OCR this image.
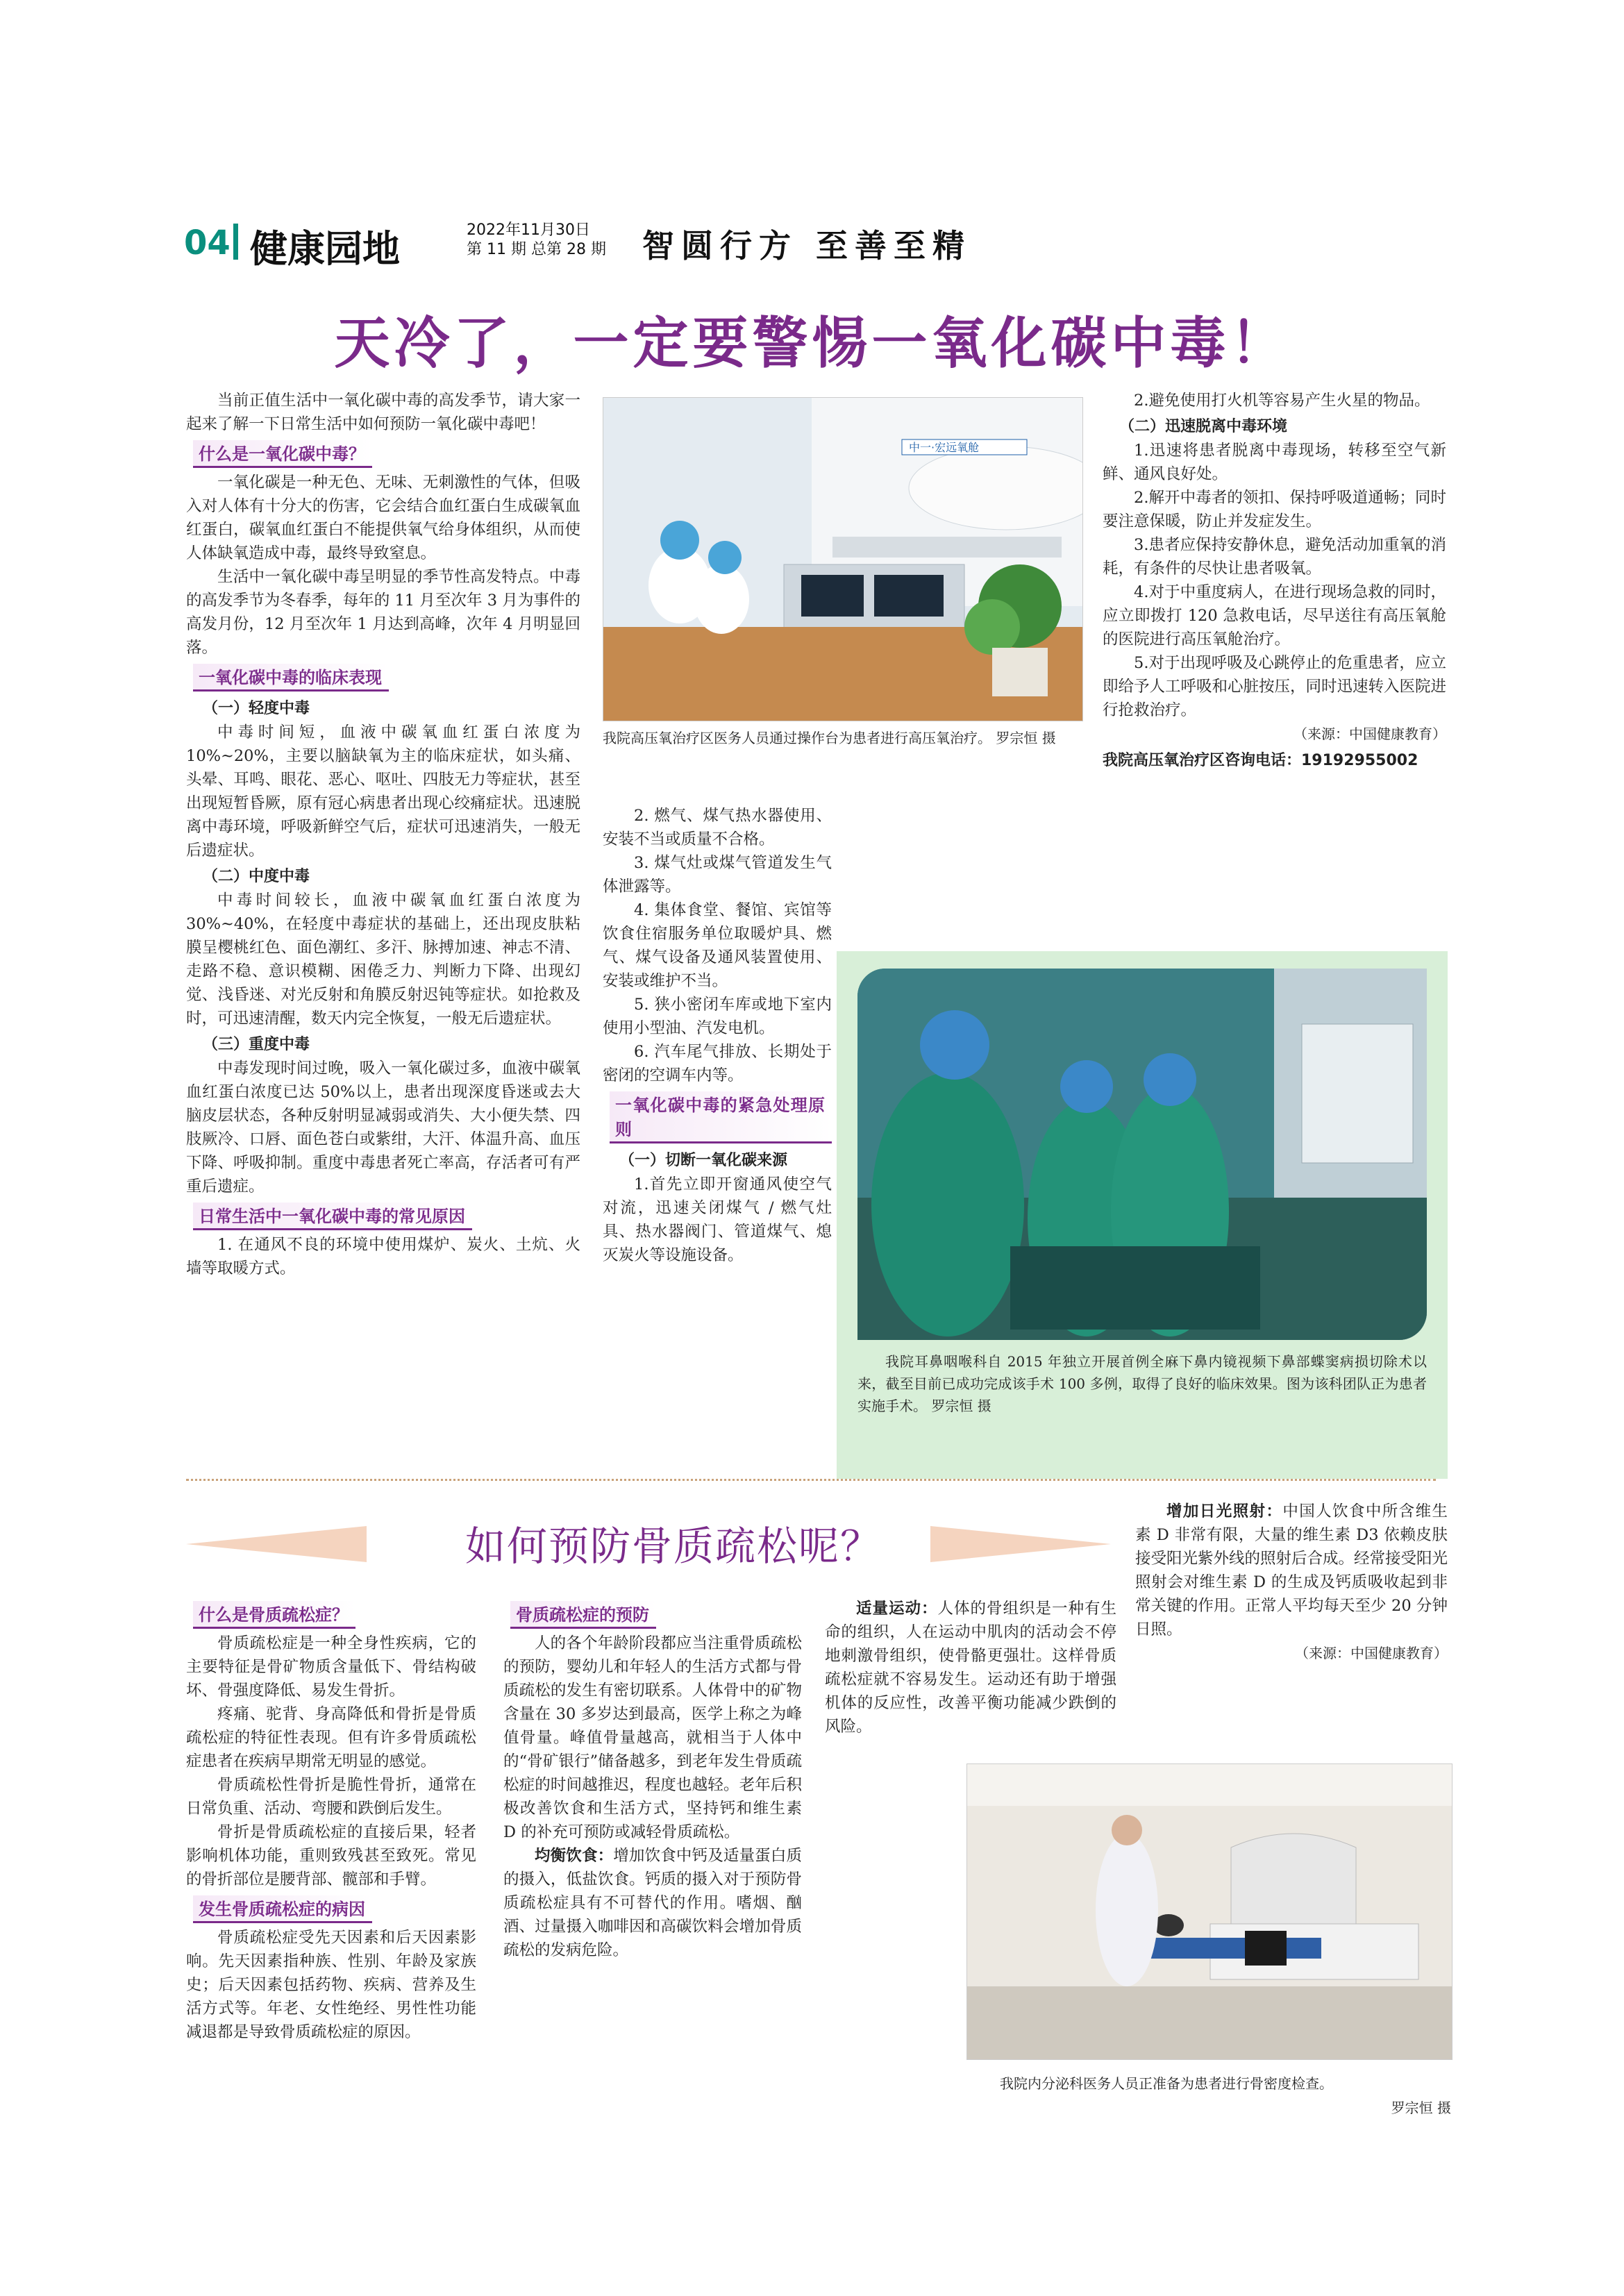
04 健康园地	2022年11月30日
第 11 期 总第 28 期 智圆行方 至善至精
天冷了，一定要警惕一氧化碳中毒！

当前正值生活中一氧化碳中毒的高发季节，请大家一起来了解一下日常生活中如何预防一氧化碳中毒吧！

什么是一氧化碳中毒？

一氧化碳是一种无色、无味、无刺激性的气体，但吸入对人体有十分大的伤害，它会结合血红蛋白生成碳氧血红蛋白，碳氧血红蛋白不能提供氧气给身体组织，从而使人体缺氧造成中毒，最终导致窒息。

生活中一氧化碳中毒呈明显的季节性高发特点。中毒的高发季节为冬春季，每年的 11 月至次年 3 月为事件的高发月份，12 月至次年 1 月达到高峰，次年 4 月明显回落。

一氧化碳中毒的临床表现
（一）轻度中毒

中毒时间短，血液中碳氧血红蛋白浓度为 10%~20%，主要以脑缺氧为主的临床症状，如头痛、头晕、耳鸣、眼花、恶心、呕吐、四肢无力等症状，甚至出现短暂昏厥，原有冠心病患者出现心绞痛症状。迅速脱离中毒环境，呼吸新鲜空气后，症状可迅速消失，一般无后遗症状。

（二）中度中毒

中毒时间较长，血液中碳氧血红蛋白浓度为 30%~40%，在轻度中毒症状的基础上，还出现皮肤粘膜呈樱桃红色、面色潮红、多汗、脉搏加速、神志不清、走路不稳、意识模糊、困倦乏力、判断力下降、出现幻觉、浅昏迷、对光反射和角膜反射迟钝等症状。如抢救及时，可迅速清醒，数天内完全恢复，一般无后遗症状。

（三）重度中毒

中毒发现时间过晚，吸入一氧化碳过多，血液中碳氧血红蛋白浓度已达 50%以上，患者出现深度昏迷或去大脑皮层状态，各种反射明显减弱或消失、大小便失禁、四肢厥冷、口唇、面色苍白或紫绀，大汗、体温升高、血压下降、呼吸抑制。重度中毒患者死亡率高，存活者可有严重后遗症。

日常生活中一氧化碳中毒的常见原因

1. 在通风不良的环境中使用煤炉、炭火、土炕、火墙等取暖方式。

中一·宏远氧舱
我院高压氧治疗区医务人员通过操作台为患者进行高压氧治疗。 罗宗恒 摄

2. 燃气、煤气热水器使用、安装不当或质量不合格。

3. 煤气灶或煤气管道发生气体泄露等。

4. 集体食堂、餐馆、宾馆等饮食住宿服务单位取暖炉具、燃气、煤气设备及通风装置使用、安装或维护不当。

5. 狭小密闭车库或地下室内使用小型油、汽发电机。

6. 汽车尾气排放、长期处于密闭的空调车内等。

一氧化碳中毒的紧急处理原则
（一）切断一氧化碳来源

1.首先立即开窗通风使空气对流，迅速关闭煤气 / 燃气灶具、热水器阀门、管道煤气、熄灭炭火等设施设备。

2.避免使用打火机等容易产生火星的物品。

（二）迅速脱离中毒环境

1.迅速将患者脱离中毒现场，转移至空气新鲜、通风良好处。

2.解开中毒者的领扣、保持呼吸道通畅；同时要注意保暖，防止并发症发生。

3.患者应保持安静休息，避免活动加重氧的消耗，有条件的尽快让患者吸氧。

4.对于中重度病人，在进行现场急救的同时，应立即拨打 120 急救电话，尽早送往有高压氧舱的医院进行高压氧舱治疗。

5.对于出现呼吸及心跳停止的危重患者，应立即给予人工呼吸和心脏按压，同时迅速转入医院进行抢救治疗。

（来源：中国健康教育）
我院高压氧治疗区咨询电话：19192955002
我院耳鼻咽喉科自 2015 年独立开展首例全麻下鼻内镜视频下鼻部蝶窦病损切除术以来，截至目前已成功完成该手术 100 多例，取得了良好的临床效果。图为该科团队正为患者实施手术。 罗宗恒 摄
如何预防骨质疏松呢？
什么是骨质疏松症？

骨质疏松症是一种全身性疾病，它的主要特征是骨矿物质含量低下、骨结构破坏、骨强度降低、易发生骨折。

疼痛、驼背、身高降低和骨折是骨质疏松症的特征性表现。但有许多骨质疏松症患者在疾病早期常无明显的感觉。

骨质疏松性骨折是脆性骨折，通常在日常负重、活动、弯腰和跌倒后发生。

骨折是骨质疏松症的直接后果，轻者影响机体功能，重则致残甚至致死。常见的骨折部位是腰背部、髋部和手臂。

发生骨质疏松症的病因

骨质疏松症受先天因素和后天因素影响。先天因素指种族、性别、年龄及家族史；后天因素包括药物、疾病、营养及生活方式等。年老、女性绝经、男性性功能减退都是导致骨质疏松症的原因。

骨质疏松症的预防

人的各个年龄阶段都应当注重骨质疏松的预防，婴幼儿和年轻人的生活方式都与骨质疏松的发生有密切联系。人体骨中的矿物含量在 30 多岁达到最高，医学上称之为峰值骨量。峰值骨量越高，就相当于人体中的“骨矿银行”储备越多，到老年发生骨质疏松症的时间越推迟，程度也越轻。老年后积极改善饮食和生活方式，坚持钙和维生素 D 的补充可预防或减轻骨质疏松。

均衡饮食：增加饮食中钙及适量蛋白质的摄入，低盐饮食。钙质的摄入对于预防骨质疏松症具有不可替代的作用。嗜烟、酗酒、过量摄入咖啡因和高碳饮料会增加骨质疏松的发病危险。

适量运动：人体的骨组织是一种有生命的组织，人在运动中肌肉的活动会不停地刺激骨组织，使骨骼更强壮。这样骨质疏松症就不容易发生。运动还有助于增强机体的反应性，改善平衡功能减少跌倒的风险。

增加日光照射：中国人饮食中所含维生素 D 非常有限，大量的维生素 D3 依赖皮肤接受阳光紫外线的照射后合成。经常接受阳光照射会对维生素 D 的生成及钙质吸收起到非常关键的作用。正常人平均每天至少 20 分钟日照。

（来源：中国健康教育）
我院内分泌科医务人员正准备为患者进行骨密度检查。
罗宗恒 摄
